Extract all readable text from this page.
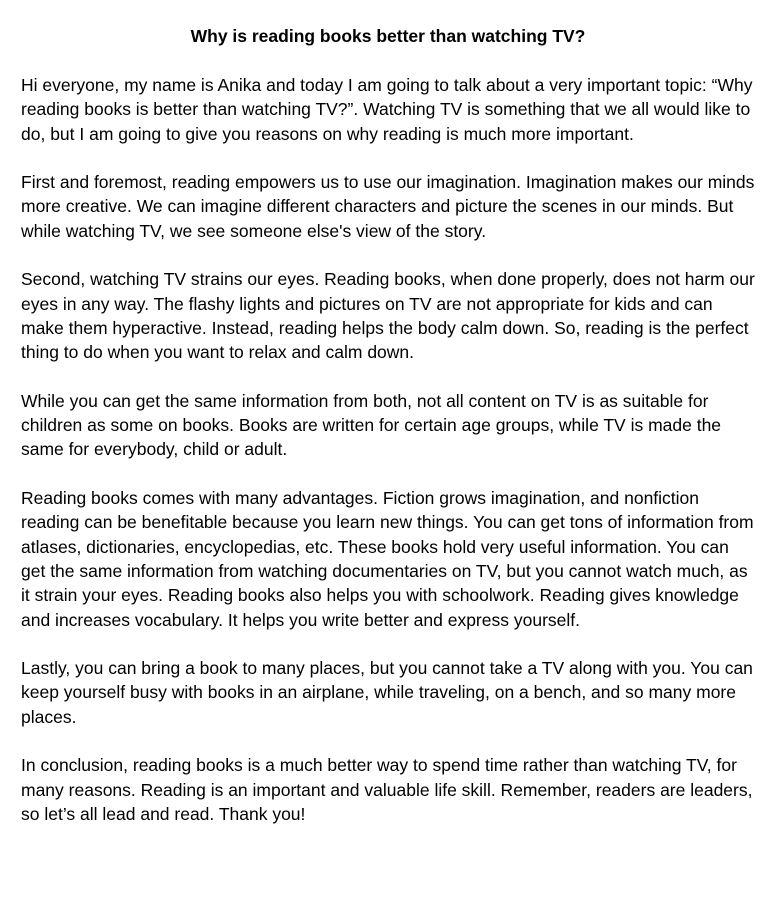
Why is reading books better than watching TV?

Hi everyone, my name is Anika and today I am going to talk about a very important topic: “Why reading books is better than watching TV?”. Watching TV is something that we all would like to do, but I am going to give you reasons on why reading is much more important.

First and foremost, reading empowers us to use our imagination. Imagination makes our minds more creative. We can imagine different characters and picture the scenes in our minds. But while watching TV, we see someone else's view of the story.

Second, watching TV strains our eyes. Reading books, when done properly, does not harm our eyes in any way. The flashy lights and pictures on TV are not appropriate for kids and can make them hyperactive. Instead, reading helps the body calm down. So, reading is the perfect thing to do when you want to relax and calm down.

While you can get the same information from both, not all content on TV is as suitable for children as some on books. Books are written for certain age groups, while TV is made the same for everybody, child or adult.

Reading books comes with many advantages. Fiction grows imagination, and nonfiction reading can be benefitable because you learn new things. You can get tons of information from atlases, dictionaries, encyclopedias, etc. These books hold very useful information. You can get the same information from watching documentaries on TV, but you cannot watch much, as it strain your eyes. Reading books also helps you with schoolwork. Reading gives knowledge and increases vocabulary. It helps you write better and express yourself.

Lastly, you can bring a book to many places, but you cannot take a TV along with you. You can keep yourself busy with books in an airplane, while traveling, on a bench, and so many more places.

In conclusion, reading books is a much better way to spend time rather than watching TV, for many reasons. Reading is an important and valuable life skill. Remember, readers are leaders, so let’s all lead and read. Thank you!
